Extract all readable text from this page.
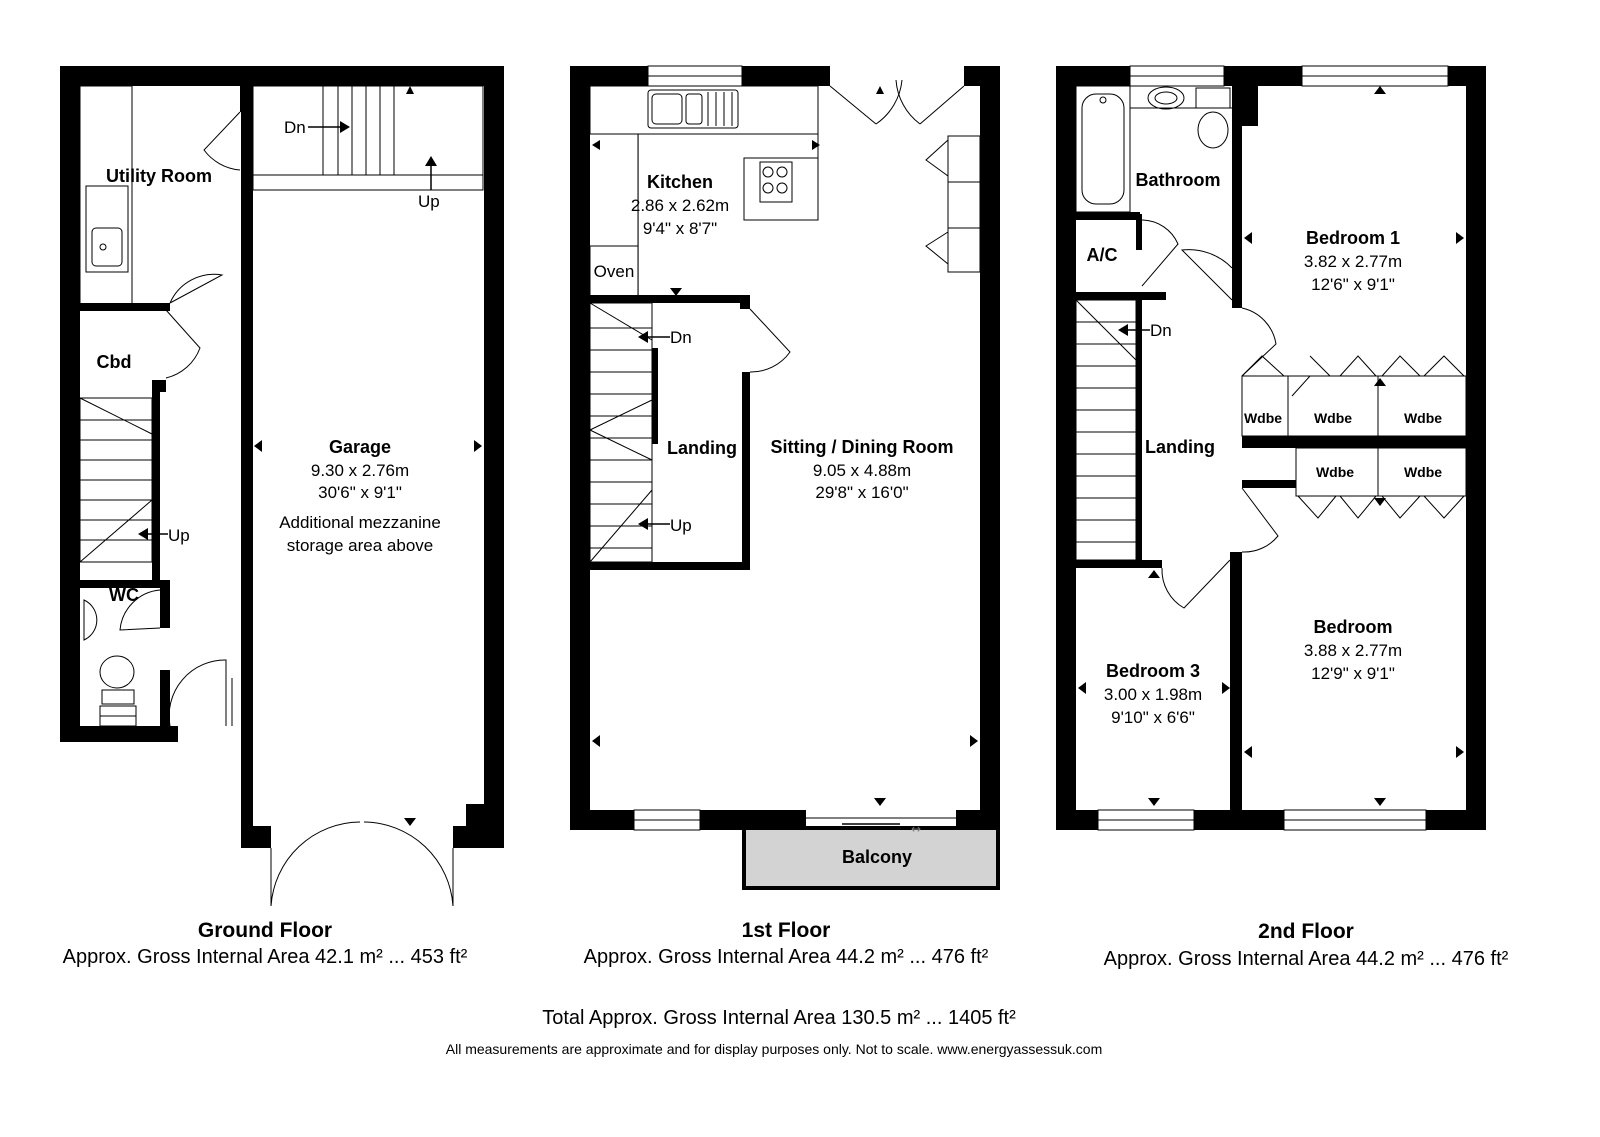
Utility Room
Cbd
WC
Garage
9.30 x 2.76m
30'6" x 9'1"
Additional mezzanine
storage area above
Dn
Up
Up
↔
Kitchen
2.86 x 2.62m
9'4" x 8'7"
Oven
Landing Sitting / Dining Room
9.05 x 4.88m
29'8" x 16'0"
Balcony
Dn
Up
Bathroom
A/C
Landing
Bedroom 1
3.82 x 2.77m
12'6" x 9'1"
Wdbe Wdbe	Wdbe
Wdbe	Wdbe
Bedroom
3.88 x 2.77m
12'9" x 9'1"
Bedroom 3
3.00 x 1.98m
9'10" x 6'6"
Dn
Ground Floor
Approx. Gross Internal Area 42.1 m² ... 453 ft²
1st Floor
Approx. Gross Internal Area 44.2 m² ... 476 ft²
2nd Floor
Approx. Gross Internal Area 44.2 m² ... 476 ft²
Total Approx. Gross Internal Area 130.5 m² ... 1405 ft²
All measurements are approximate and for display purposes only. Not to scale. www.energyassessuk.com
